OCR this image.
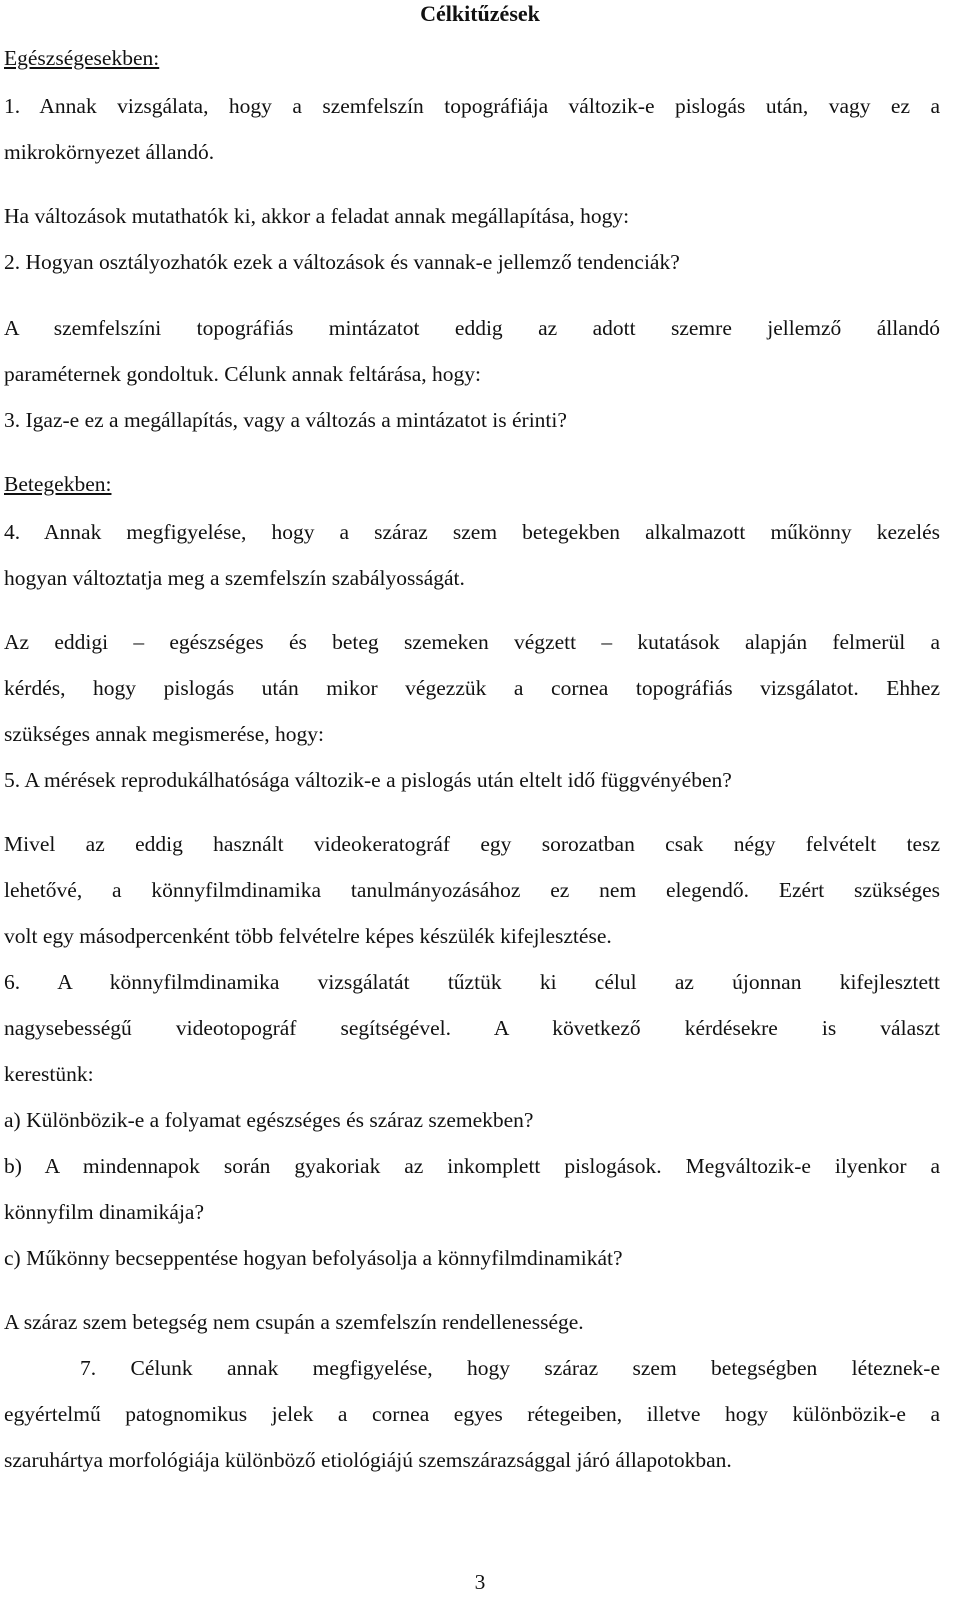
Célkitűzések
Egészségesekben:
1. Annak vizsgálata, hogy a szemfelszín topográfiája változik-e pislogás után, vagy ez a
mikrokörnyezet állandó.
Ha változások mutathatók ki, akkor a feladat annak megállapítása, hogy:
2. Hogyan osztályozhatók ezek a változások és vannak-e jellemző tendenciák?
A szemfelszíni topográfiás mintázatot eddig az adott szemre jellemző állandó
paraméternek gondoltuk. Célunk annak feltárása, hogy:
3. Igaz-e ez a megállapítás, vagy a változás a mintázatot is érinti?
Betegekben:
4. Annak megfigyelése, hogy a száraz szem betegekben alkalmazott műkönny kezelés
hogyan változtatja meg a szemfelszín szabályosságát.
Az eddigi – egészséges és beteg szemeken végzett – kutatások alapján felmerül a
kérdés, hogy pislogás után mikor végezzük a cornea topográfiás vizsgálatot. Ehhez
szükséges annak megismerése, hogy:
5. A mérések reprodukálhatósága változik-e a pislogás után eltelt idő függvényében?
Mivel az eddig használt videokeratográf egy sorozatban csak négy felvételt tesz
lehetővé, a könnyfilmdinamika tanulmányozásához ez nem elegendő. Ezért szükséges
volt egy másodpercenként több felvételre képes készülék kifejlesztése.
6. A könnyfilmdinamika vizsgálatát tűztük ki célul az újonnan kifejlesztett
nagysebességű videotopográf segítségével. A következő kérdésekre is választ
kerestünk:
a) Különbözik-e a folyamat egészséges és száraz szemekben?
b) A mindennapok során gyakoriak az inkomplett pislogások. Megváltozik-e ilyenkor a
könnyfilm dinamikája?
c) Műkönny becseppentése hogyan befolyásolja a könnyfilmdinamikát?
A száraz szem betegség nem csupán a szemfelszín rendellenessége.
7. Célunk annak megfigyelése, hogy száraz szem betegségben léteznek-e
egyértelmű patognomikus jelek a cornea egyes rétegeiben, illetve hogy különbözik-e a
szaruhártya morfológiája különböző etiológiájú szemszárazsággal járó állapotokban.
3
